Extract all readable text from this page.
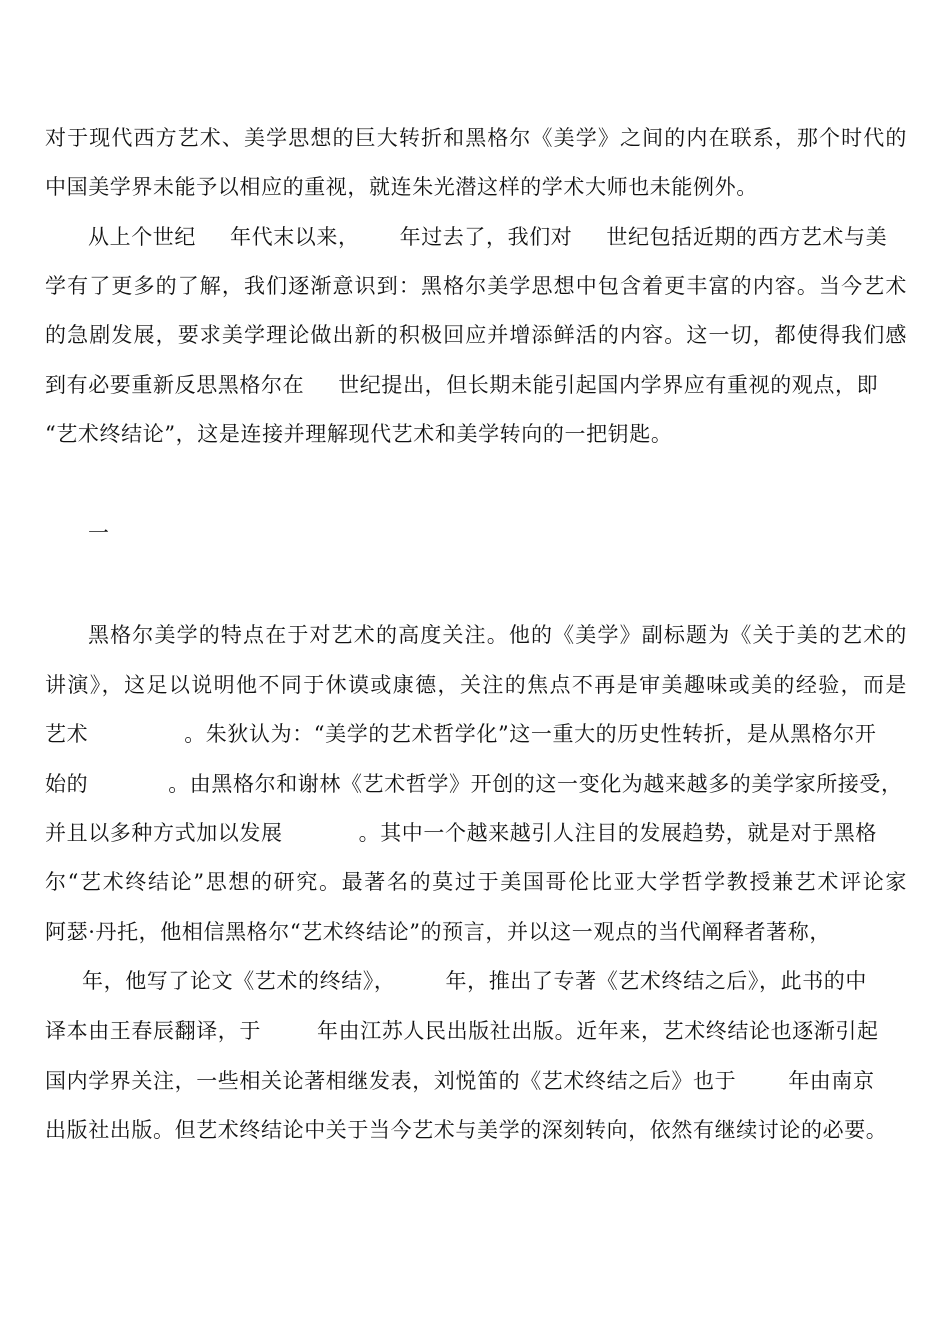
对于现代西方艺术、美学思想的巨大转折和黑格尔《美学》之间的内在联系，那个时代的
中国美学界未能予以相应的重视，就连朱光潜这样的学术大师也未能例外。
从上个世纪 年代末以来， 年过去了，我们对 世纪包括近期的西方艺术与美
学有了更多的了解，我们逐渐意识到：黑格尔美学思想中包含着更丰富的内容。当今艺术
的急剧发展，要求美学理论做出新的积极回应并增添鲜活的内容。这一切，都使得我们感
到有必要重新反思黑格尔在 世纪提出，但长期未能引起国内学界应有重视的观点，即
“艺术终结论”，这是连接并理解现代艺术和美学转向的一把钥匙。
一
黑格尔美学的特点在于对艺术的高度关注。他的《美学》副标题为《关于美的艺术的
讲演》，这足以说明他不同于休谟或康德，关注的焦点不再是审美趣味或美的经验，而是
艺术	。朱狄认为：“美学的艺术哲学化”这一重大的历史性转折，是从黑格尔开
始的	。由黑格尔和谢林《艺术哲学》开创的这一变化为越来越多的美学家所接受，
并且以多种方式加以发展	。其中一个越来越引人注目的发展趋势，就是对于黑格
尔“艺术终结论”思想的研究。最著名的莫过于美国哥伦比亚大学哲学教授兼艺术评论家
阿瑟·丹托，他相信黑格尔“艺术终结论”的预言，并以这一观点的当代阐释者著称，
年，他写了论文《艺术的终结》， 年，推出了专著《艺术终结之后》，此书的中
译本由王春辰翻译，于	年由江苏人民出版社出版。近年来，艺术终结论也逐渐引起
国内学界关注，一些相关论著相继发表，刘悦笛的《艺术终结之后》也于 年由南京
出版社出版。但艺术终结论中关于当今艺术与美学的深刻转向，依然有继续讨论的必要。
